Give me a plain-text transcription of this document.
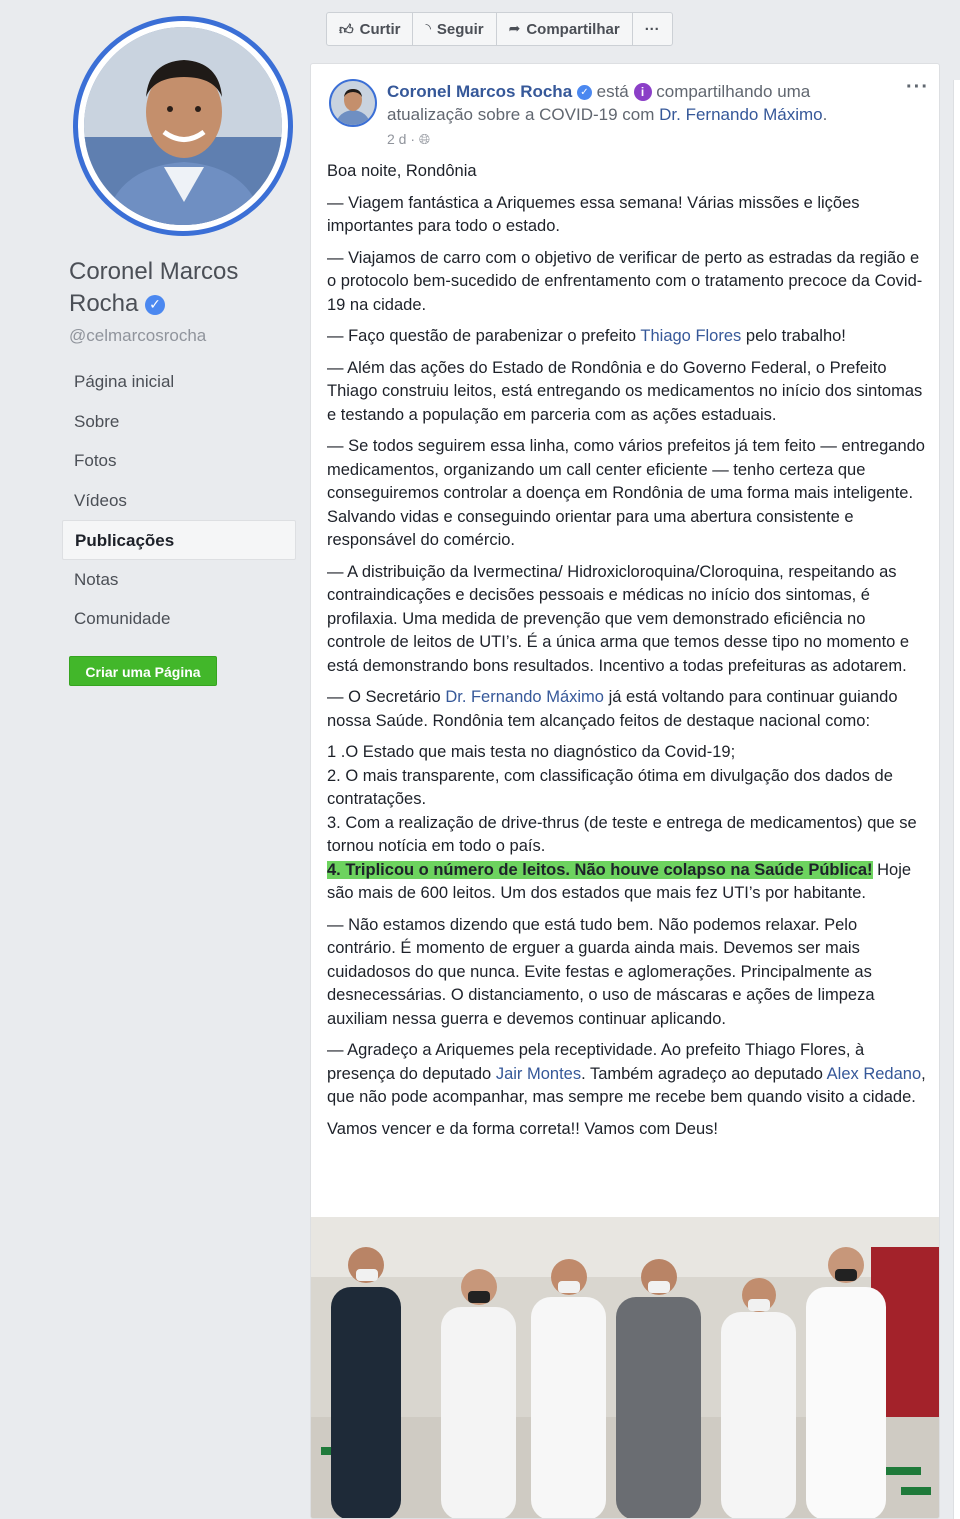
Coronel Marcos
Rocha ✓
@celmarcosrocha
Página inicial
Sobre
Fotos
Vídeos
Publicações
Notas
Comunidade
Criar uma Página
👍︎ Curtir ◝ Seguir ➦ Compartilhar ···
Coronel Marcos Rocha ✓ está i compartilhando uma atualização sobre a COVID-19 com Dr. Fernando Máximo.
2 d · 🌐︎
···

Boa noite, Rondônia

— Viagem fantástica a Ariquemes essa semana! Várias missões e lições importantes para todo o estado.

— Viajamos de carro com o objetivo de verificar de perto as estradas da região e o protocolo bem-sucedido de enfrentamento com o tratamento precoce da Covid-19 na cidade.

— Faço questão de parabenizar o prefeito Thiago Flores pelo trabalho!

— Além das ações do Estado de Rondônia e do Governo Federal, o Prefeito Thiago construiu leitos, está entregando os medicamentos no início dos sintomas e testando a população em parceria com as ações estaduais.

— Se todos seguirem essa linha, como vários prefeitos já tem feito — entregando medicamentos, organizando um call center eficiente — tenho certeza que conseguiremos controlar a doença em Rondônia de uma forma mais inteligente. Salvando vidas e conseguindo orientar para uma abertura consistente e responsável do comércio.

— A distribuição da Ivermectina/ Hidroxicloroquina/Cloroquina, respeitando as contraindicações e decisões pessoais e médicas no início dos sintomas, é profilaxia. Uma medida de prevenção que vem demonstrado eficiência no controle de leitos de UTI’s. É a única arma que temos desse tipo no momento e está demonstrando bons resultados. Incentivo a todas prefeituras as adotarem.

— O Secretário Dr. Fernando Máximo já está voltando para continuar guiando nossa Saúde. Rondônia tem alcançado feitos de destaque nacional como:

1 .O Estado que mais testa no diagnóstico da Covid-19;
2. O mais transparente, com classificação ótima em divulgação dos dados de contratações.
3. Com a realização de drive-thrus (de teste e entrega de medicamentos) que se tornou notícia em todo o país.
4. Triplicou o número de leitos. Não houve colapso na Saúde Pública! Hoje são mais de 600 leitos. Um dos estados que mais fez UTI’s por habitante.

— Não estamos dizendo que está tudo bem. Não podemos relaxar. Pelo contrário. É momento de erguer a guarda ainda mais. Devemos ser mais cuidadosos do que nunca. Evite festas e aglomerações. Principalmente as desnecessárias. O distanciamento, o uso de máscaras e ações de limpeza auxiliam nessa guerra e devemos continuar aplicando.

— Agradeço a Ariquemes pela receptividade. Ao prefeito Thiago Flores, à presença do deputado Jair Montes. Também agradeço ao deputado Alex Redano, que não pode acompanhar, mas sempre me recebe bem quando visito a cidade.

Vamos vencer e da forma correta!! Vamos com Deus!
